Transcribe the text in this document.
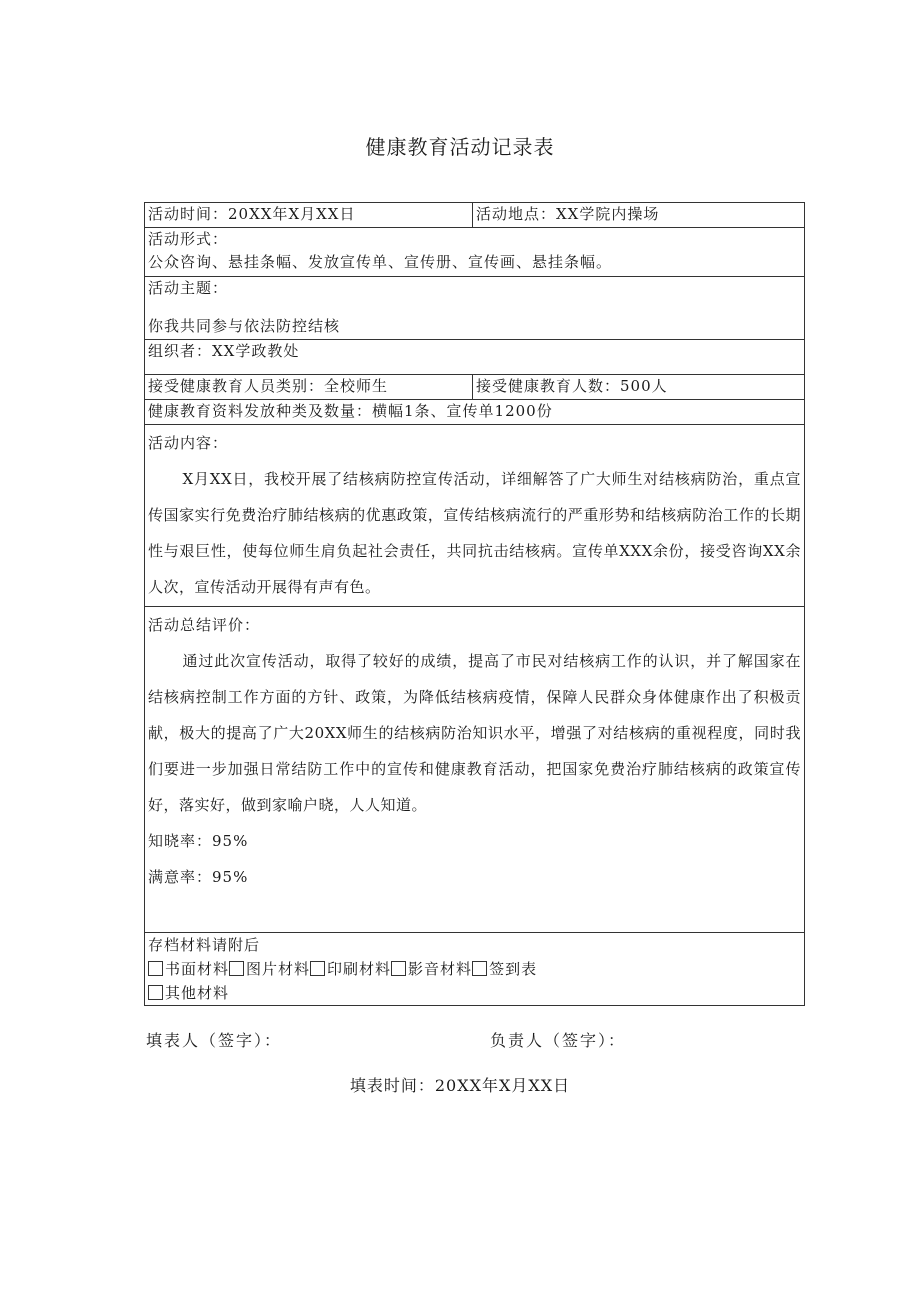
健康教育活动记录表
活动时间：20XX年X月XX日	活动地点：XX学院内操场

活动形式：
公众咨询、悬挂条幅、发放宣传单、宣传册、宣传画、悬挂条幅。	

活动主题：
你我共同参与依法防控结核	

组织者：XX学政教处	
接受健康教育人员类别：全校师生	接受健康教育人数：500人
健康教育资料发放种类及数量：横幅1条、宣传单1200份	

活动内容：
X月XX日，我校开展了结核病防控宣传活动，详细解答了广大师生对结核病防治，重点宣传国家实行免费治疗肺结核病的优惠政策，宣传结核病流行的严重形势和结核病防治工作的长期性与艰巨性，使每位师生肩负起社会责任，共同抗击结核病。宣传单XXX余份，接受咨询XX余人次，宣传活动开展得有声有色。	

活动总结评价：
通过此次宣传活动，取得了较好的成绩，提高了市民对结核病工作的认识，并了解国家在结核病控制工作方面的方针、政策，为降低结核病疫情，保障人民群众身体健康作出了积极贡献，极大的提高了广大20XX师生的结核病防治知识水平，增强了对结核病的重视程度，同时我们要进一步加强日常结防工作中的宣传和健康教育活动，把国家免费治疗肺结核病的政策宣传好，落实好，做到家喻户晓，人人知道。
知晓率：95%
满意率：95%	

存档材料请附后
书面材料 图片材料 印刷材料 影音材料 签到表
其他材料	
填表人（签字）：	负责人（签字）：
填表时间：20XX年X月XX日
